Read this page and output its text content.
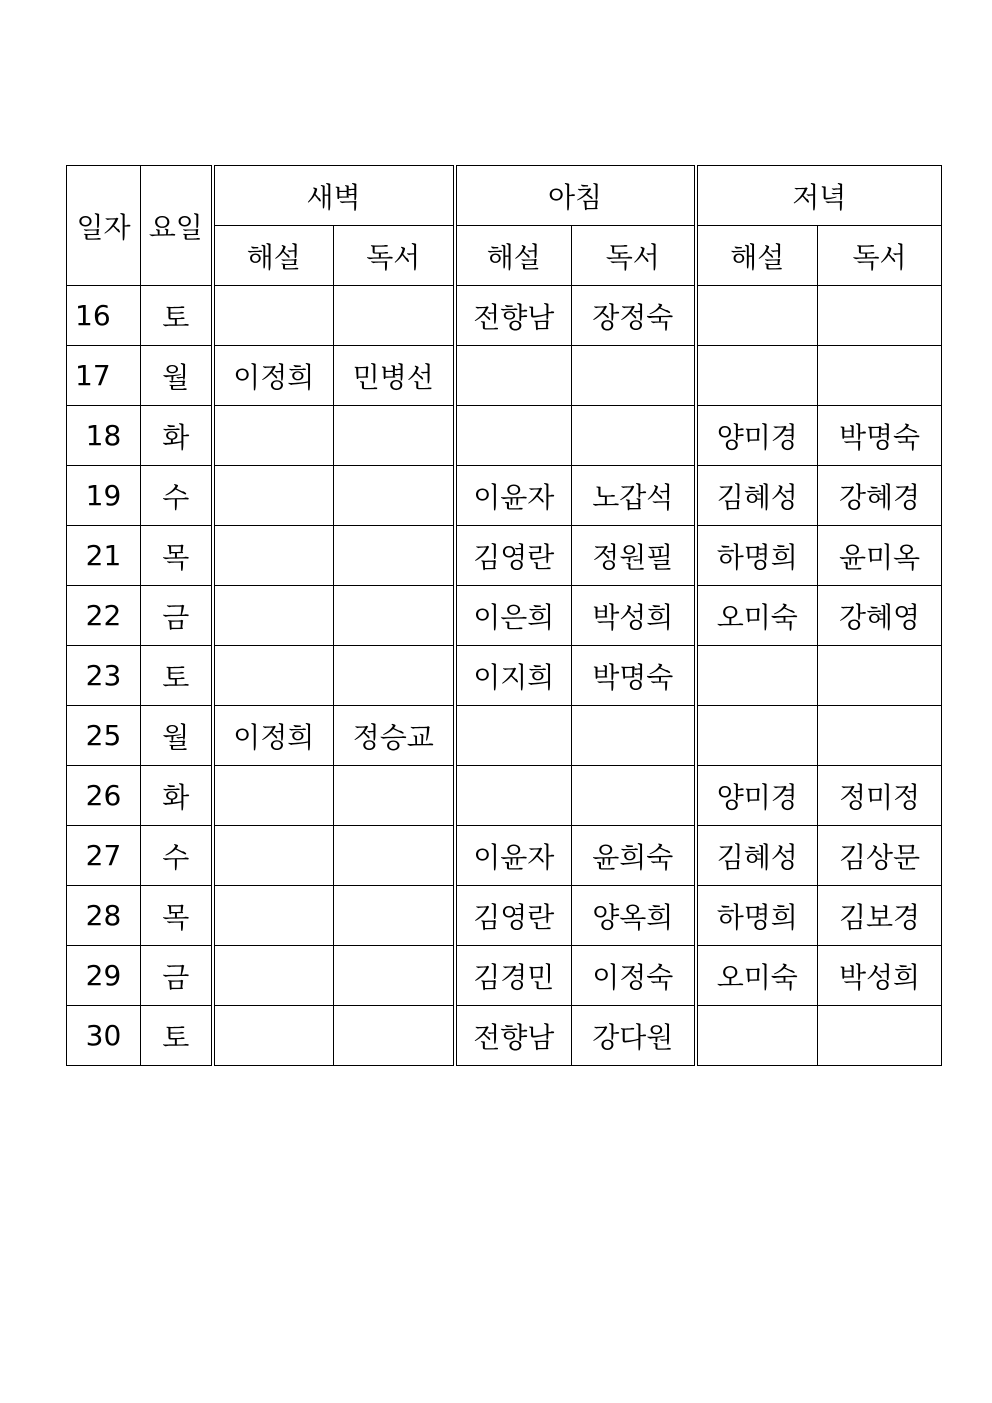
일자	요일	새벽		아침		저녁	
		해설	독서	해설	독서	해설	독서
16	토			전향남	장정숙		
17	월	이정희	민병선				
18	화					양미경	박명숙
19	수			이윤자	노갑석	김혜성	강혜경
21	목			김영란	정원필	하명희	윤미옥
22	금			이은희	박성희	오미숙	강혜영
23	토			이지희	박명숙		
25	월	이정희	정승교				
26	화					양미경	정미정
27	수			이윤자	윤희숙	김혜성	김상문
28	목			김영란	양옥희	하명희	김보경
29	금			김경민	이정숙	오미숙	박성희
30	토			전향남	강다원		
